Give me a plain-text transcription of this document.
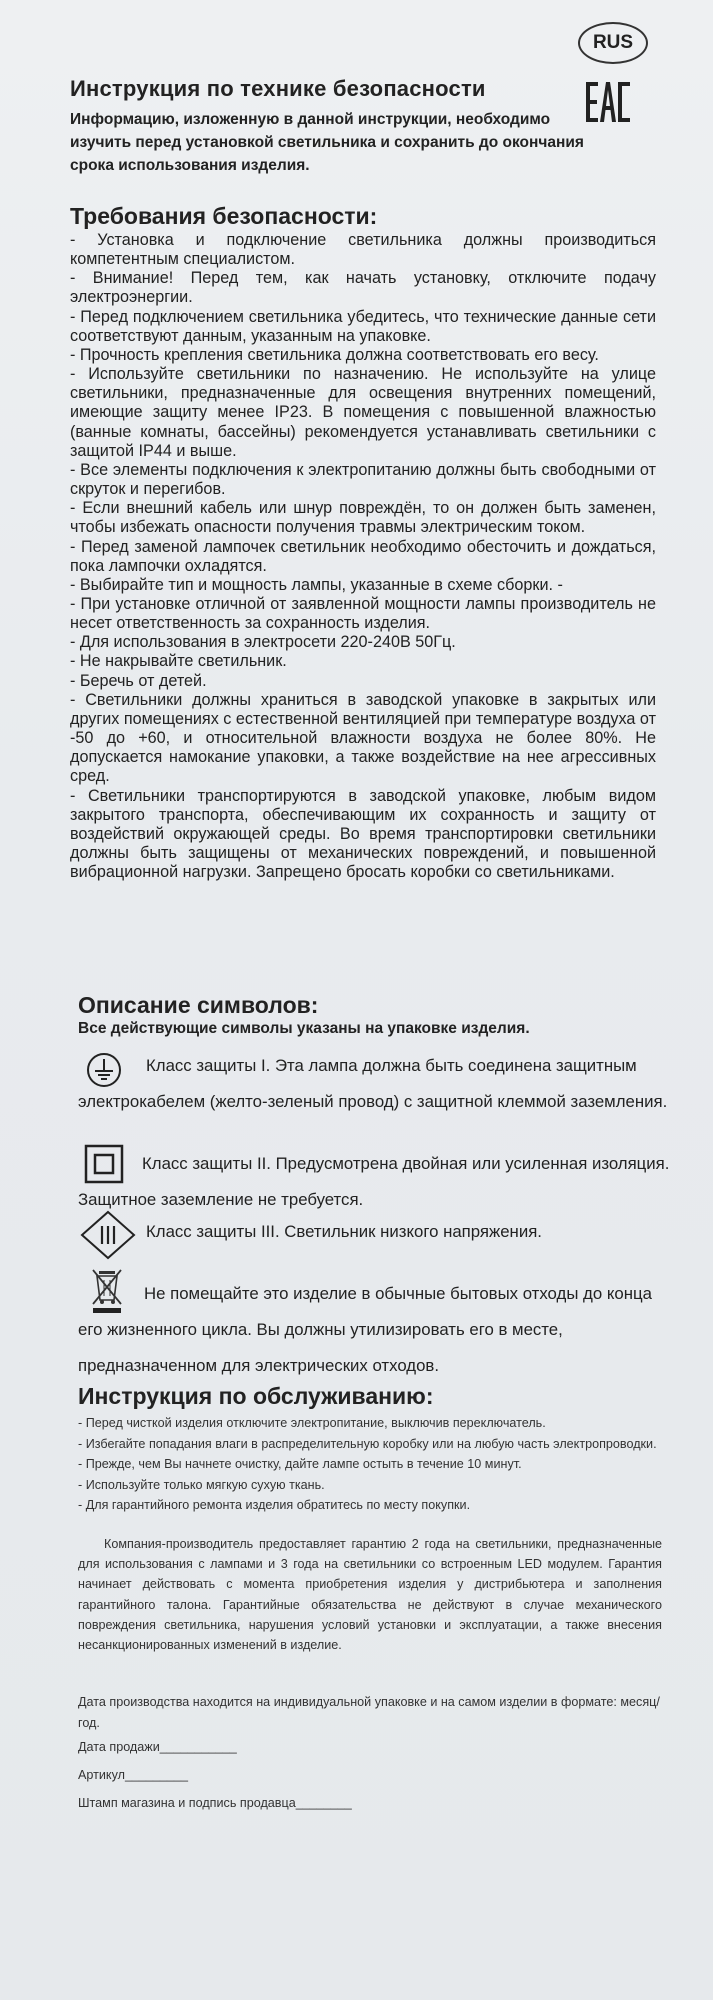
RUS
Инструкция по технике безопасности

Информацию, изложенную в данной инструкции, необходимо изучить перед установкой светильника и сохранить до окончания срока использования изделия.

Требования безопасности:

- Установка и подключение светильника должны производиться компетентным специалистом.

- Внимание! Перед тем, как начать установку, отключите подачу электроэнергии.

- Перед подключением светильника убедитесь, что технические данные сети соответствуют данным, указанным на упаковке.

- Прочность крепления светильника должна соответствовать его весу.

- Используйте светильники по назначению. Не используйте на улице светильники, предназначенные для освещения внутренних помещений, имеющие защиту менее IP23. В помещения с повышенной влажностью (ванные комнаты, бассейны) рекомендуется устанавливать светильники с защитой IP44 и выше.

- Все элементы подключения к электропитанию должны быть свободными от скруток и перегибов.

- Если внешний кабель или шнур повреждён, то он должен быть заменен, чтобы избежать опасности получения травмы электрическим током.

- Перед заменой лампочек светильник необходимо обесточить и дождаться, пока лампочки охладятся.

- Выбирайте тип и мощность лампы, указанные в схеме сборки. -

- При установке отличной от заявленной мощности лампы производитель не несет ответственность за сохранность изделия.

- Для использования в электросети 220-240В 50Гц.

- Не накрывайте светильник.

- Беречь от детей.

- Светильники должны храниться в заводской упаковке в закрытых или других помещениях с естественной вентиляцией при температуре воздуха от -50 до +60, и относительной влажности воздуха не более 80%. Не допускается намокание упаковки, а также воздействие на нее агрессивных сред.

- Светильники транспортируются в заводской упаковке, любым видом закрытого транспорта, обеспечивающим их сохранность и защиту от воздействий окружающей среды. Во время транспортировки светильники должны быть защищены от механических повреждений, и повышенной вибрационной нагрузки. Запрещено бросать коробки со светильниками.

Описание символов:

Все действующие символы указаны на упаковке изделия.

Класс защиты I. Эта лампа должна быть соединена защитным электрокабелем (желто-зеленый провод) с защитной клеммой заземления.
Класс защиты II. Предусмотрена двойная или усиленная изоляция. Защитное заземление не требуется.
Класс защиты III. Светильник низкого напряжения.
Не помещайте это изделие в обычные бытовых отходы до конца его жизненного цикла. Вы должны утилизировать его в месте, предназначенном для электрических отходов.
Инструкция по обслуживанию:

- Перед чисткой изделия отключите электропитание, выключив переключатель.

- Избегайте попадания влаги в распределительную коробку или на любую часть электропроводки.

- Прежде, чем Вы начнете очистку, дайте лампе остыть в течение 10 минут.

- Используйте только мягкую сухую ткань.

- Для гарантийного ремонта изделия обратитесь по месту покупки.

Компания-производитель предоставляет гарантию 2 года на светильники, предназначенные для использования с лампами и 3 года на светильники со встроенным LED модулем. Гарантия начинает действовать с момента приобретения изделия у дистрибьютера и заполнения гарантийного талона. Гарантийные обязательства не действуют в случае механического повреждения светильника, нарушения условий установки и эксплуатации, а также внесения несанкционированных изменений в изделие.

Дата производства находится на индивидуальной упаковке и на самом изделии в формате: месяц/год.

Дата продажи___________
Артикул_________
Штамп магазина и подпись продавца________
